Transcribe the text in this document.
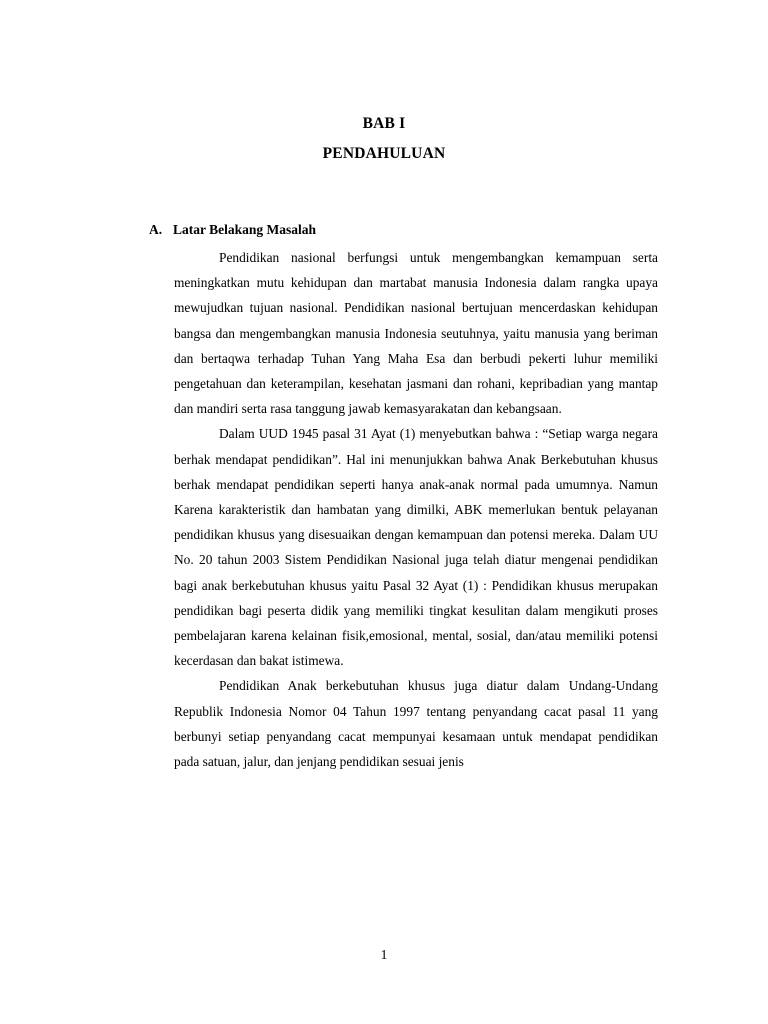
BAB I
PENDAHULUAN
A. Latar Belakang Masalah

Pendidikan nasional berfungsi untuk mengembangkan kemampuan serta meningkatkan mutu kehidupan dan martabat manusia Indonesia dalam rangka upaya mewujudkan tujuan nasional. Pendidikan nasional bertujuan mencerdaskan kehidupan bangsa dan mengembangkan manusia Indonesia seutuhnya, yaitu manusia yang beriman dan bertaqwa terhadap Tuhan Yang Maha Esa dan berbudi pekerti luhur memiliki pengetahuan dan keterampilan, kesehatan jasmani dan rohani, kepribadian yang mantap dan mandiri serta rasa tanggung jawab kemasyarakatan dan kebangsaan.

Dalam UUD 1945 pasal 31 Ayat (1) menyebutkan bahwa : “Setiap warga negara berhak mendapat pendidikan”. Hal ini menunjukkan bahwa Anak Berkebutuhan khusus berhak mendapat pendidikan seperti hanya anak-anak normal pada umumnya. Namun Karena karakteristik dan hambatan yang dimilki, ABK memerlukan bentuk pelayanan pendidikan khusus yang disesuaikan dengan kemampuan dan potensi mereka. Dalam UU No. 20 tahun 2003 Sistem Pendidikan Nasional juga telah diatur mengenai pendidikan bagi anak berkebutuhan khusus yaitu Pasal 32 Ayat (1) : Pendidikan khusus merupakan pendidikan bagi peserta didik yang memiliki tingkat kesulitan dalam mengikuti proses pembelajaran karena kelainan fisik,emosional, mental, sosial, dan/atau memiliki potensi kecerdasan dan bakat istimewa.

Pendidikan Anak berkebutuhan khusus juga diatur dalam Undang-Undang Republik Indonesia Nomor 04 Tahun 1997 tentang penyandang cacat pasal 11 yang berbunyi setiap penyandang cacat mempunyai kesamaan untuk mendapat pendidikan pada satuan, jalur, dan jenjang pendidikan sesuai jenis

1
